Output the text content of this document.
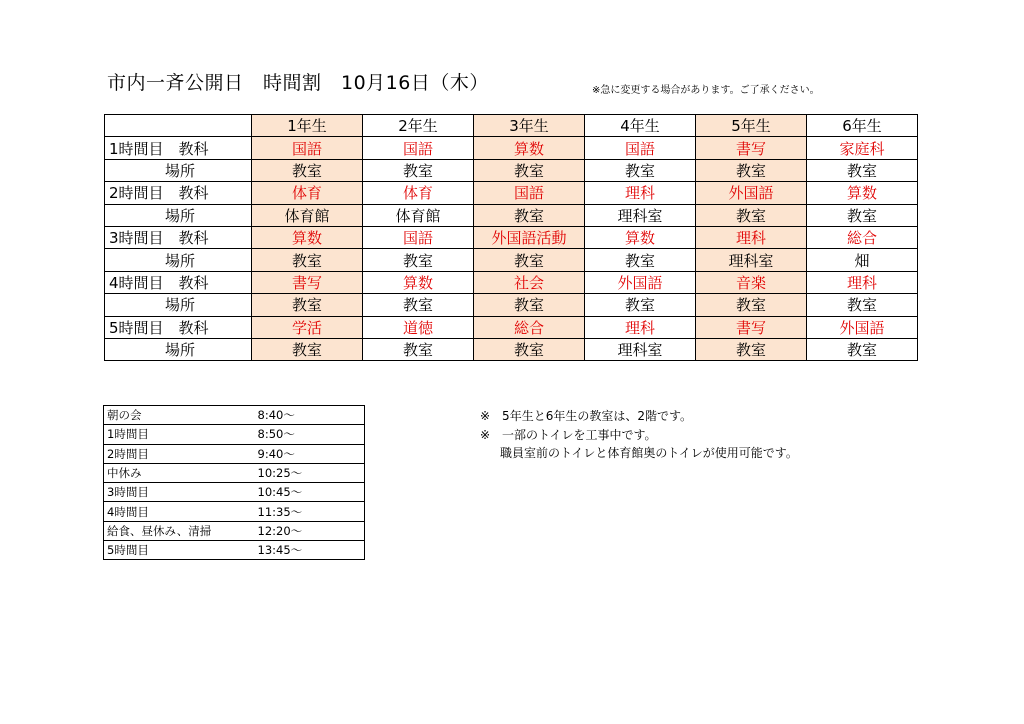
市内一斉公開日　時間割　10月16日（木）	※急に変更する場合があります。ご了承ください。
	1年生	2年生	3年生	4年生	5年生	6年生
1時間目　教科	国語	国語	算数	国語	書写	家庭科
場所	教室	教室	教室	教室	教室	教室
2時間目　教科	体育	体育	国語	理科	外国語	算数
場所	体育館	体育館	教室	理科室	教室	教室
3時間目　教科	算数	国語	外国語活動	算数	理科	総合
場所	教室	教室	教室	教室	理科室	畑
4時間目　教科	書写	算数	社会	外国語	音楽	理科
場所	教室	教室	教室	教室	教室	教室
5時間目　教科	学活	道徳	総合	理科	書写	外国語
場所	教室	教室	教室	理科室	教室	教室
朝の会	8:40〜
1時間目	8:50〜
2時間目	9:40〜
中休み	10:25〜
3時間目	10:45〜
4時間目	11:35〜
給食、昼休み、清掃	12:20〜
5時間目	13:45〜
※　5年生と6年生の教室は、2階です。
※　一部のトイレを工事中です。
職員室前のトイレと体育館奥のトイレが使用可能です。
